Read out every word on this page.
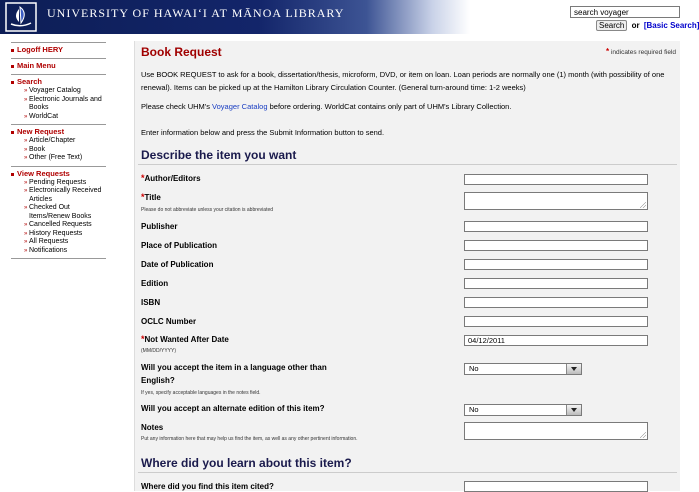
UNIVERSITY OF HAWAI‘I AT MĀNOA LIBRARY
search voyager
Search or [Basic Search]
Logoff HERY
Main Menu
Search
» Voyager Catalog
» Electronic Journals and Books
» WorldCat
New Request
» Article/Chapter
» Book
» Other (Free Text)
View Requests
» Pending Requests
» Electronically Received Articles
» Checked Out Items/Renew Books
» Cancelled Requests
» History Requests
» All Requests
» Notifications
Book Request	* indicates required field
Use BOOK REQUEST to ask for a book, dissertation/thesis, microform, DVD, or item on loan. Loan periods are normally one (1) month (with possibility of one renewal). Items can be picked up at the Hamilton Library Circulation Counter. (General turn-around time: 1-2 weeks)
Please check UHM's Voyager Catalog before ordering. WorldCat contains only part of UHM's Library Collection.
Enter information below and press the Submit Information button to send.
Describe the item you want
*Author/Editors
*Title
Please do not abbreviate unless your citation is abbreviated
Publisher
Place of Publication
Date of Publication
Edition
ISBN
OCLC Number
*Not Wanted After Date
(MM/DD/YYYY)
04/12/2011
Will you accept the item in a language other than
English?
If yes, specify acceptable languages in the notes field.
No
Will you accept an alternate edition of this item?	No
Notes
Put any information here that may help us find the item, as well as any other pertinent information.
Where did you learn about this item?
Where did you find this item cited?
